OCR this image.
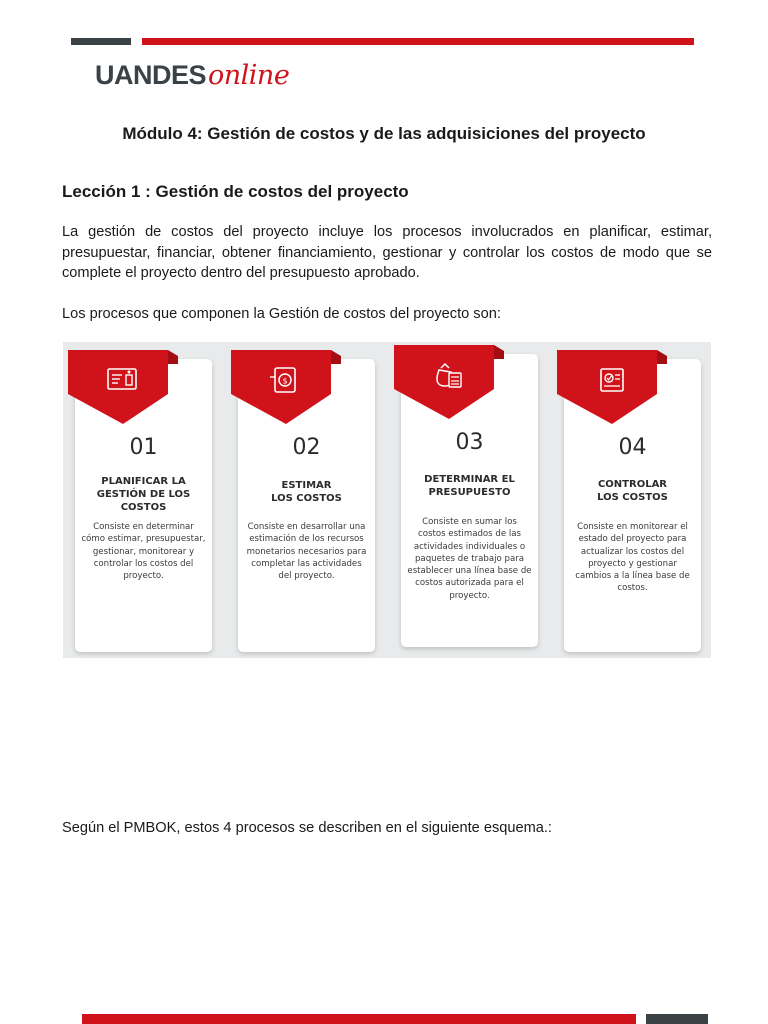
UANDES online
Módulo 4: Gestión de costos y de las adquisiciones del proyecto
Lección 1 : Gestión de costos del proyecto

La gestión de costos del proyecto incluye los procesos involucrados en planificar, estimar, presupuestar, financiar, obtener financiamiento, gestionar y controlar los costos de modo que se complete el proyecto dentro del presupuesto aprobado.

Los procesos que componen la Gestión de costos del proyecto son:

01
PLANIFICAR LA
GESTIÓN DE LOS
COSTOS
Consiste en determinar cómo estimar, presupuestar, gestionar, monitorear y controlar los costos del proyecto.
$
02
ESTIMAR
LOS COSTOS
Consiste en desarrollar una estimación de los recursos monetarios necesarios para completar las actividades del proyecto.
03
DETERMINAR EL
PRESUPUESTO
Consiste en sumar los costos estimados de las actividades individuales o paquetes de trabajo para establecer una línea base de costos autorizada para el proyecto.
04
CONTROLAR
LOS COSTOS
Consiste en monitorear el estado del proyecto para actualizar los costos del proyecto y gestionar cambios a la línea base de costos.

Según el PMBOK, estos 4 procesos se describen en el siguiente esquema.:
